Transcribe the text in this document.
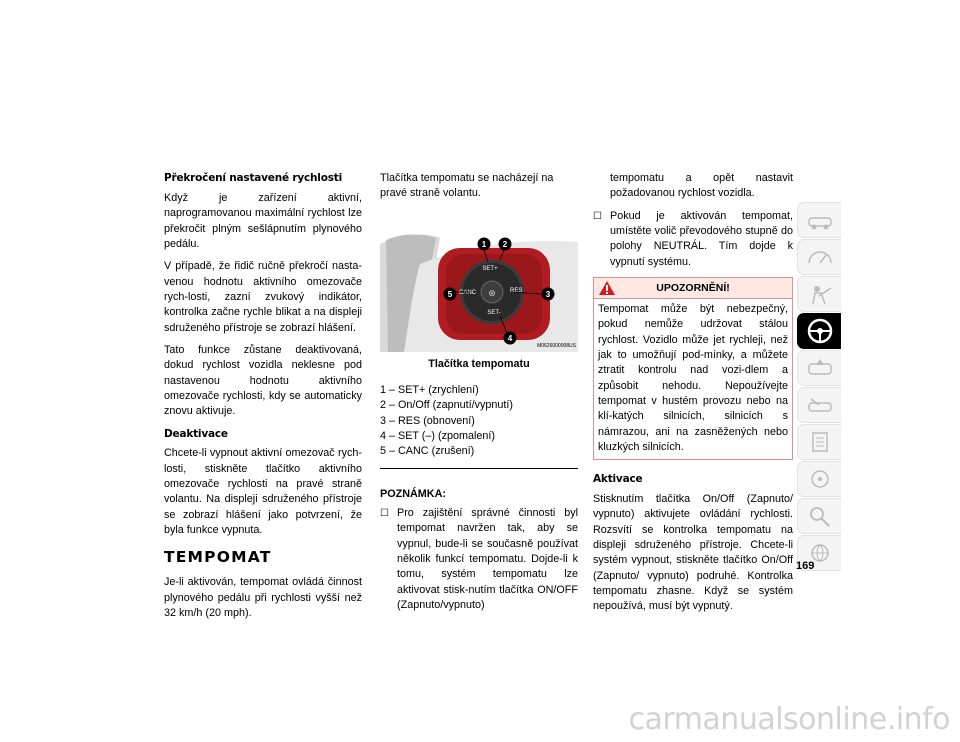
Překročení nastavené rychlosti

Když je zařízení aktivní, naprogramovanou maximální rychlost lze překročit plným sešlápnutím plynového pedálu.

V případě, že řidič ručně překročí nasta-venou hodnotu aktivního omezovače rych-losti, zazní zvukový indikátor, kontrolka začne rychle blikat a na displeji sdruženého přístroje se zobrazí hlášení.

Tato funkce zůstane deaktivovaná, dokud rychlost vozidla neklesne pod nastavenou hodnotu aktivního omezovače rychlosti, kdy se automaticky znovu aktivuje.

Deaktivace

Chcete-li vypnout aktivní omezovač rych-losti, stiskněte tlačítko aktivního omezovače rychlosti na pravé straně volantu. Na displeji sdruženého přístroje se zobrazí hlášení jako potvrzení, že byla funkce vypnuta.

TEMPOMAT

Je-li aktivován, tempomat ovládá činnost plynového pedálu při rychlosti vyšší než 32 km/h (20 mph).

Tlačítka tempomatu se nacházejí na pravé straně volantu.

⊛
SET+
CANC	RES
SET-
1 2
3
4
5
M0626000008US
Tlačítka tempomatu
1 – SET+ (zrychlení)
2 – On/Off (zapnutí/vypnutí)
3 – RES (obnovení)
4 – SET (–) (zpomalení)
5 – CANC (zrušení)
POZNÁMKA:
☐ Pro zajištění správné činnosti byl tempomat navržen tak, aby se vypnul, bude-li se současně používat několik funkcí tempomatu. Dojde-li k tomu, systém tempomatu lze aktivovat stisk-nutím tlačítka ON/OFF (Zapnuto/vypnuto)

tempomatu a opět nastavit požadovanou rychlost vozidla.

☐ Pokud je aktivován tempomat, umístěte volič převodového stupně do polohy NEUTRÁL. Tím dojde k vypnutí systému.
UPOZORNĚNÍ!
Tempomat může být nebezpečný, pokud nemůže udržovat stálou rychlost. Vozidlo může jet rychleji, než jak to umožňují pod-mínky, a můžete ztratit kontrolu nad vozi-dlem a způsobit nehodu. Nepoužívejte tempomat v hustém provozu nebo na klí-katých silnicích, silnicích s námrazou, ani na zasněžených nebo kluzkých silnicích.
Aktivace

Stisknutím tlačítka On/Off (Zapnuto/ vypnuto) aktivujete ovládání rychlosti. Rozsvítí se kontrolka tempomatu na displeji sdruženého přístroje. Chcete-li systém vypnout, stiskněte tlačítko On/Off (Zapnuto/ vypnuto) podruhé. Kontrolka tempomatu zhasne. Když se systém nepoužívá, musí být vypnutý.

169
carmanualsonline.info
